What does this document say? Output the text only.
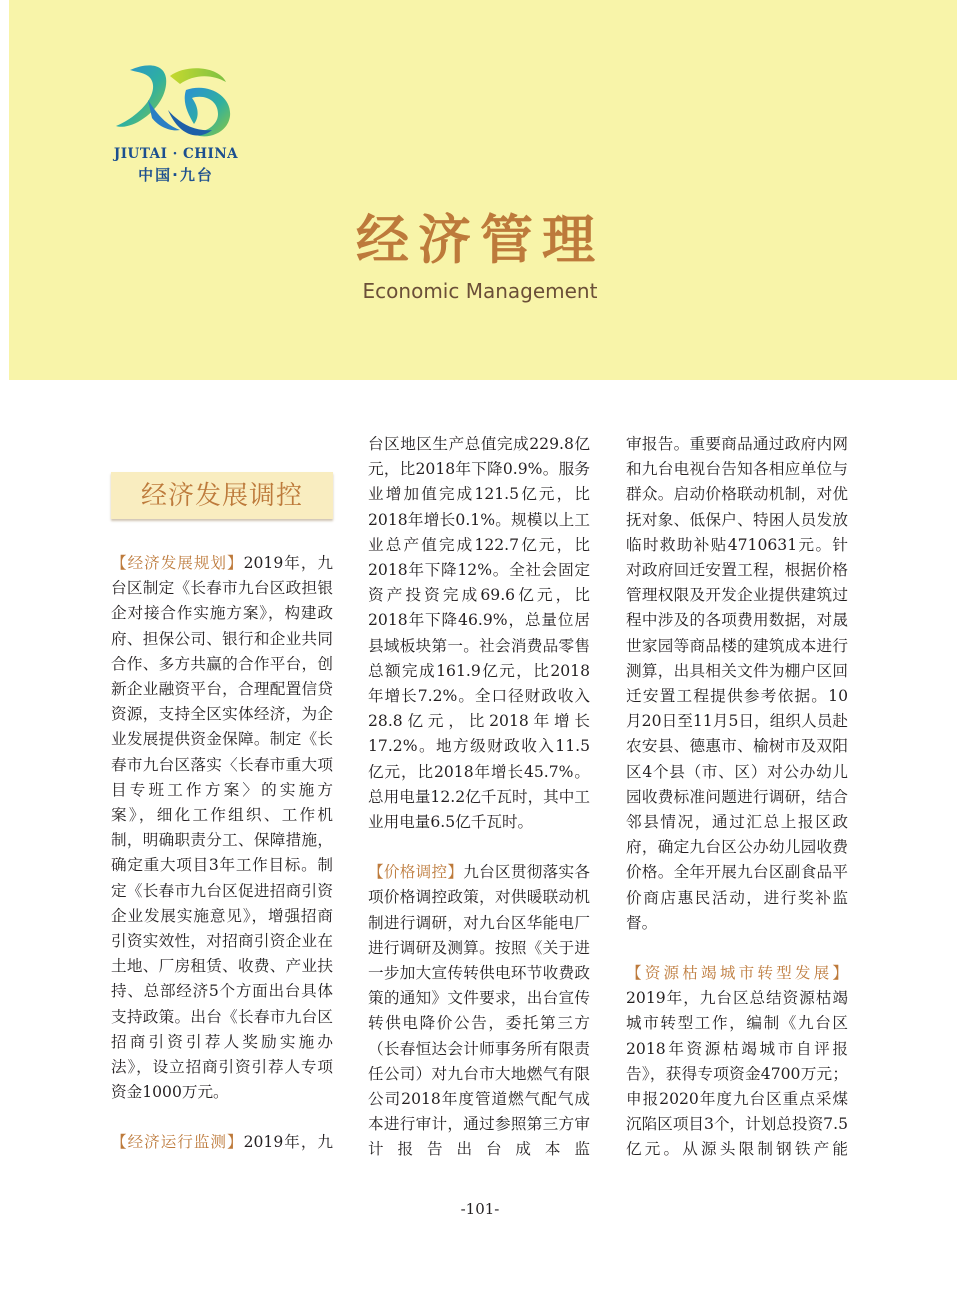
JIUTAI · CHINA
中国·九台
经济管理
Economic Management
经济发展调控

【经济发展规划】2019年，九台区制定《长春市九台区政担银企对接合作实施方案》，构建政府、担保公司、银行和企业共同合作、多方共赢的合作平台，创新企业融资平台，合理配置信贷资源，支持全区实体经济，为企业发展提供资金保障。制定《长春市九台区落实〈长春市重大项目专班工作方案〉的实施方案》，细化工作组织、工作机制，明确职责分工、保障措施，确定重大项目3年工作目标。制定《长春市九台区促进招商引资企业发展实施意见》，增强招商引资实效性，对招商引资企业在土地、厂房租赁、收费、产业扶持、总部经济5个方面出台具体支持政策。出台《长春市九台区招商引资引荐人奖励实施办法》，设立招商引资引荐人专项资金1000万元。

【经济运行监测】2019年，九

台区地区生产总值完成229.8亿元，比2018年下降0.9%。服务业增加值完成121.5亿元，比2018年增长0.1%。规模以上工业总产值完成122.7亿元，比2018年下降12%。全社会固定资产投资完成69.6亿元，比2018年下降46.9%，总量位居县域板块第一。社会消费品零售总额完成161.9亿元，比2018年增长7.2%。全口径财政收入28.8亿元，比2018年增长17.2%。地方级财政收入11.5亿元，比2018年增长45.7%。总用电量12.2亿千瓦时，其中工业用电量6.5亿千瓦时。

【价格调控】九台区贯彻落实各项价格调控政策，对供暖联动机制进行调研，对九台区华能电厂进行调研及测算。按照《关于进一步加大宣传转供电环节收费政策的通知》文件要求，出台宣传转供电降价公告，委托第三方（长春恒达会计师事务所有限责任公司）对九台市大地燃气有限公司2018年度管道燃气配气成本进行审计，通过参照第三方审计报告出台成本监

审报告。重要商品通过政府内网和九台电视台告知各相应单位与群众。启动价格联动机制，对优抚对象、低保户、特困人员发放临时救助补贴4710631元。针对政府回迁安置工程，根据价格管理权限及开发企业提供建筑过程中涉及的各项费用数据，对晟世家园等商品楼的建筑成本进行测算，出具相关文件为棚户区回迁安置工程提供参考依据。10月20日至11月5日，组织人员赴农安县、德惠市、榆树市及双阳区4个县（市、区）对公办幼儿园收费标准问题进行调研，结合邻县情况，通过汇总上报区政府，确定九台区公办幼儿园收费价格。全年开展九台区副食品平价商店惠民活动，进行奖补监督。

【资源枯竭城市转型发展】2019年，九台区总结资源枯竭城市转型工作，编制《九台区2018年资源枯竭城市自评报告》，获得专项资金4700万元；申报2020年度九台区重点采煤沉陷区项目3个，计划总投资7.5亿元。从源头限制钢铁产能

-101-
